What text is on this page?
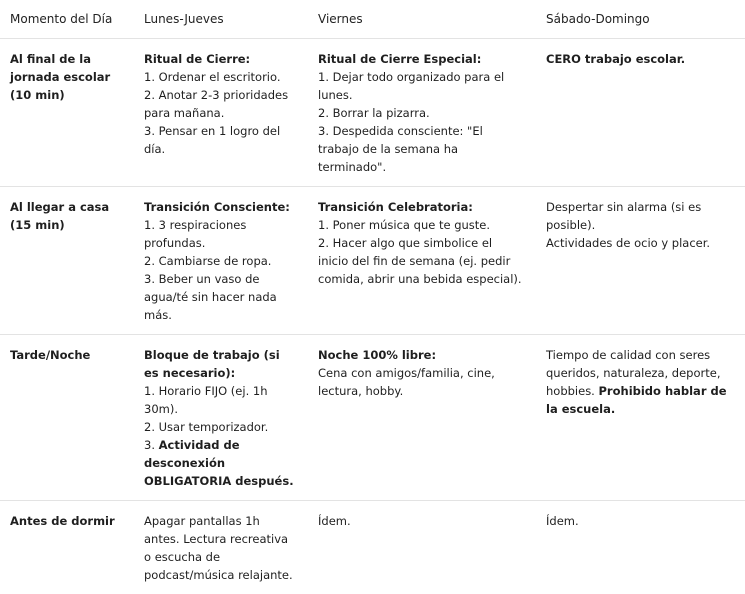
Momento del Día	Lunes-Jueves	Viernes	Sábado-Domingo
Al final de la jornada escolar (10 min)	Ritual de Cierre:
1. Ordenar el escritorio.
2. Anotar 2-3 prioridades para mañana.
3. Pensar en 1 logro del día.	Ritual de Cierre Especial:
1. Dejar todo organizado para el lunes.
2. Borrar la pizarra.
3. Despedida consciente: "El trabajo de la semana ha terminado".	CERO trabajo escolar.

Al llegar a casa (15 min)	Transición Consciente:
1. 3 respiraciones profundas.
2. Cambiarse de ropa.
3. Beber un vaso de agua/té sin hacer nada más.	Transición Celebratoria:
1. Poner música que te guste.
2. Hacer algo que simbolice el inicio del fin de semana (ej. pedir comida, abrir una bebida especial).	Despertar sin alarma (si es posible).
Actividades de ocio y placer.

Tarde/Noche	Bloque de trabajo (si es necesario):
1. Horario FIJO (ej. 1h 30m).
2. Usar temporizador.
3. Actividad de desconexión OBLIGATORIA después.	Noche 100% libre:
Cena con amigos/familia, cine, lectura, hobby.	Tiempo de calidad con seres queridos, naturaleza, deporte, hobbies. Prohibido hablar de la escuela.
Antes de dormir	Apagar pantallas 1h antes. Lectura recreativa o escucha de podcast/música relajante.	Ídem.	Ídem.
